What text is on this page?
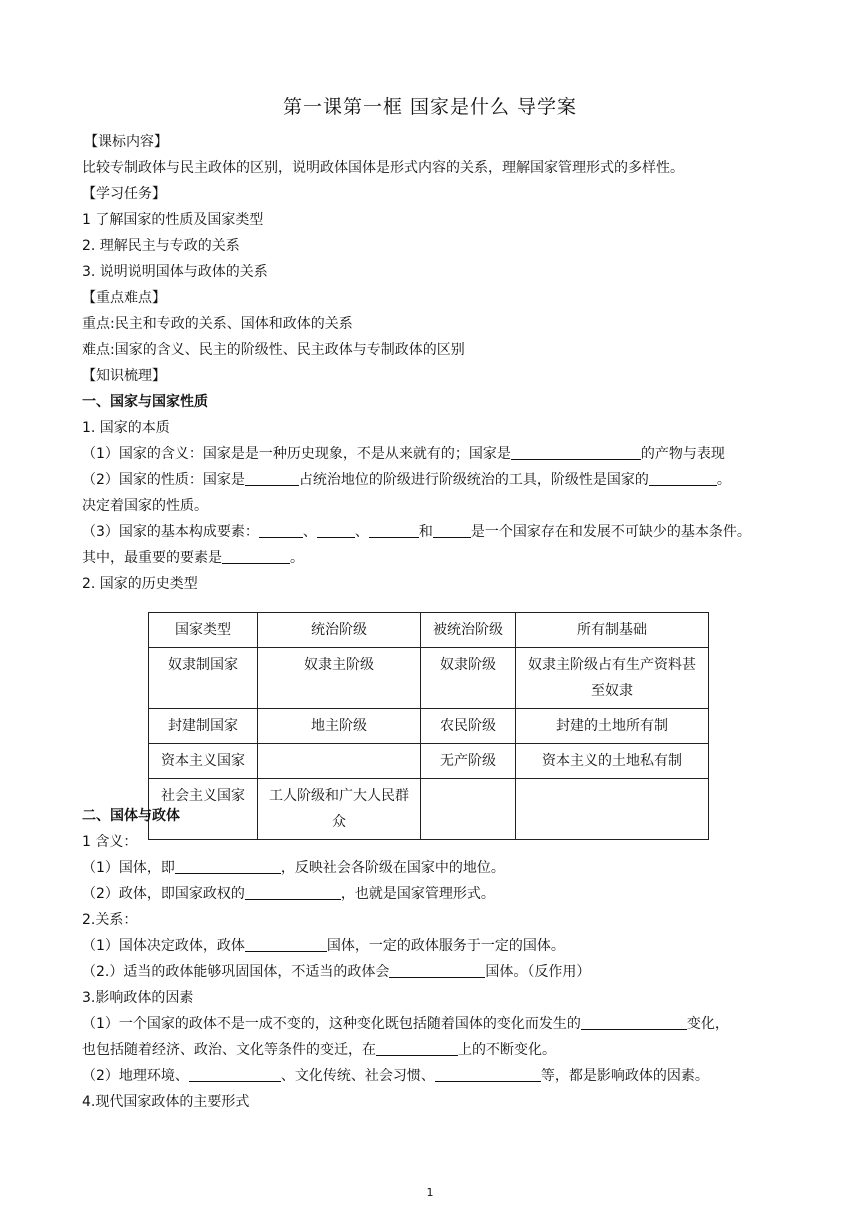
第一课第一框 国家是什么 导学案
【课标内容】
比较专制政体与民主政体的区别，说明政体国体是形式内容的关系，理解国家管理形式的多样性。
【学习任务】
1 了解国家的性质及国家类型
2. 理解民主与专政的关系
3. 说明说明国体与政体的关系
【重点难点】
重点:民主和专政的关系、国体和政体的关系
难点:国家的含义、民主的阶级性、民主政体与专制政体的区别
【知识梳理】
一、国家与国家性质
1. 国家的本质
（1）国家的含义：国家是是一种历史现象，不是从来就有的；国家是	的产物与表现
（2）国家的性质：国家是	占统治地位的阶级进行阶级统治的工具，阶级性是国家的	。
决定着国家的性质。
（3）国家的基本构成要素：	、	、	和	是一个国家存在和发展不可缺少的基本条件。
其中，最重要的要素是	。
2. 国家的历史类型
国家类型	统治阶级	被统治阶级	所有制基础
奴隶制国家	奴隶主阶级	奴隶阶级	奴隶主阶级占有生产资料甚至奴隶
封建制国家	地主阶级	农民阶级	封建的土地所有制
资本主义国家		无产阶级	资本主义的土地私有制
社会主义国家	工人阶级和广大人民群众		
二、国体与政体
1 含义：
（1）国体，即	，反映社会各阶级在国家中的地位。
（2）政体，即国家政权的	，也就是国家管理形式。
2.关系：
（1）国体决定政体，政体	国体，一定的政体服务于一定的国体。
（2.）适当的政体能够巩固国体，不适当的政体会	国体。（反作用）
3.影响政体的因素
（1）一个国家的政体不是一成不变的，这种变化既包括随着国体的变化而发生的	变化，
也包括随着经济、政治、文化等条件的变迁，在	上的不断变化。
（2）地理环境、	、文化传统、社会习惯、	等，都是影响政体的因素。
4.现代国家政体的主要形式
1
